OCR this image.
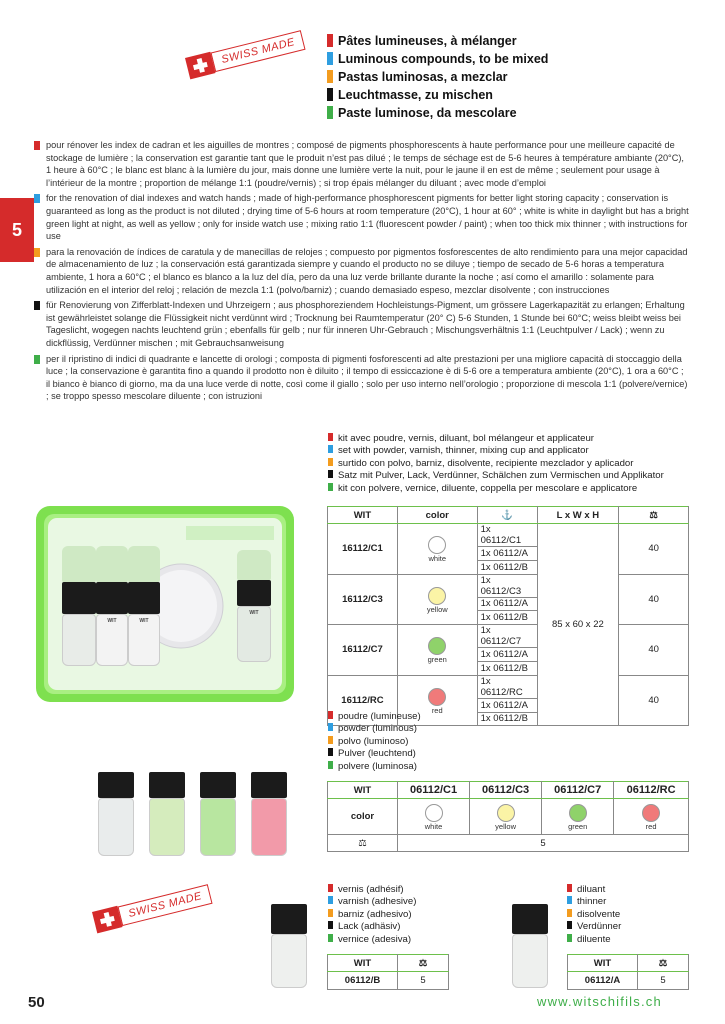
SWISS MADE	Pâtes lumineuses, à mélanger
Luminous compounds, to be mixed
Pastas luminosas, a mezclar
Leuchtmasse, zu mischen
Paste luminose, da mescolare
5

pour rénover les index de cadran et les aiguilles de montres ; composé de pigments phosphorescents à haute performance pour une meilleure capacité de stockage de lumière ; la conservation est garantie tant que le produit n’est pas dilué ; le temps de séchage est de 5-6 heures à température ambiante (20°C), 1 heure à 60°C ; le blanc est blanc à la lumière du jour, mais donne une lumière verte la nuit, pour le jaune il en est de même ; seulement pour usage à l’intérieur de la montre ; proportion de mélange 1:1 (poudre/vernis) ; si trop épais mélanger du diluant ; avec mode d’emploi

for the renovation of dial indexes and watch hands ; made of high-performance phosphorescent pigments for better light storing capacity ; conservation is guaranteed as long as the product is not diluted ; drying time of 5-6 hours at room temperature (20°C), 1 hour at 60° ; white is white in daylight but has a bright green light at night, as well as yellow ; only for inside watch use ; mixing ratio 1:1 (fluorescent powder / paint) ; when too thick mix thinner ; with instructions for use

para la renovación de índices de caratula y de manecillas de relojes ; compuesto por pigmentos fosforescentes de alto rendimiento para una mejor capacidad de almacenamiento de luz ; la conservación está garantizada siempre y cuando el producto no se diluye ; tiempo de secado de 5-6 horas a temperatura ambiente, 1 hora a 60°C ; el blanco es blanco a la luz del día, pero da una luz verde brillante durante la noche ; así como el amarillo : solamente para utilización en el interior del reloj ; relación de mezcla 1:1 (polvo/barniz) ; cuando demasiado espeso, mezclar disolvente ; con instrucciones

für Renovierung von Zifferblatt-Indexen und Uhrzeigern ; aus phosphoreziendem Hochleistungs-Pigment, um grössere Lagerkapazität zu erlangen; Erhaltung ist gewährleistet solange die Flüssigkeit nicht verdünnt wird ; Trocknung bei Raumtemperatur (20° C) 5-6 Stunden, 1 Stunde bei 60°C; weiss bleibt weiss bei Tageslicht, wogegen nachts leuchtend grün ; ebenfalls für gelb ; nur für inneren Uhr-Gebrauch ; Mischungsverhältnis 1:1 (Leuchtpulver / Lack) ; wenn zu dickflüssig, Verdünner mischen ; mit Gebrauchsanweisung

per il ripristino di indici di quadrante e lancette di orologi ; composta di pigmenti fosforescenti ad alte prestazioni per una migliore capacità di stoccaggio della luce ; la conservazione è garantita fino a quando il prodotto non è diluito ; il tempo di essiccazione è di 5-6 ore a temperatura ambiente (20°C), 1 ora a 60°C ; il bianco è bianco di giorno, ma da una luce verde di notte, così come il giallo ; solo per uso interno nell’orologio ; proporzione di mescola 1:1 (polvere/vernice) ; se troppo spesso mescolare diluente ; con istruzioni

kit avec poudre, vernis, diluant, bol mélangeur et applicateur
set with powder, varnish, thinner, mixing cup and applicator
surtido con polvo, barniz, disolvente, recipiente mezclador y aplicador
Satz mit Pulver, Lack, Verdünner, Schälchen zum Vermischen und Applikator
kit con polvere, vernice, diluente, coppella per mescolare e applicatore
WIT	WIT
WIT
WIT	color	⚓	L x W x H	⚖
16112/C1	white	1x 06112/C1	85 x 60 x 22	40
		1x 06112/A		
		1x 06112/B		
16112/C3	yellow	1x 06112/C3		40
		1x 06112/A		
		1x 06112/B		
16112/C7	green	1x 06112/C7		40
		1x 06112/A		
		1x 06112/B		
16112/RC	red	1x 06112/RC		40
		1x 06112/A		
		1x 06112/B		
poudre (lumineuse)
powder (luminous)
polvo (luminoso)
Pulver (leuchtend)
polvere (luminosa)
WIT	06112/C1	06112/C3	06112/C7	06112/RC
color	white	yellow	green	red

⚖	5			
SWISS MADE
vernis (adhésif)
varnish (adhesive)
barniz (adhesivo)
Lack (adhäsiv)
vernice (adesiva)
WIT	⚖
06112/B	5
diluant
thinner
disolvente
Verdünner
diluente
WIT	⚖
06112/A	5
50	www.witschifils.ch
